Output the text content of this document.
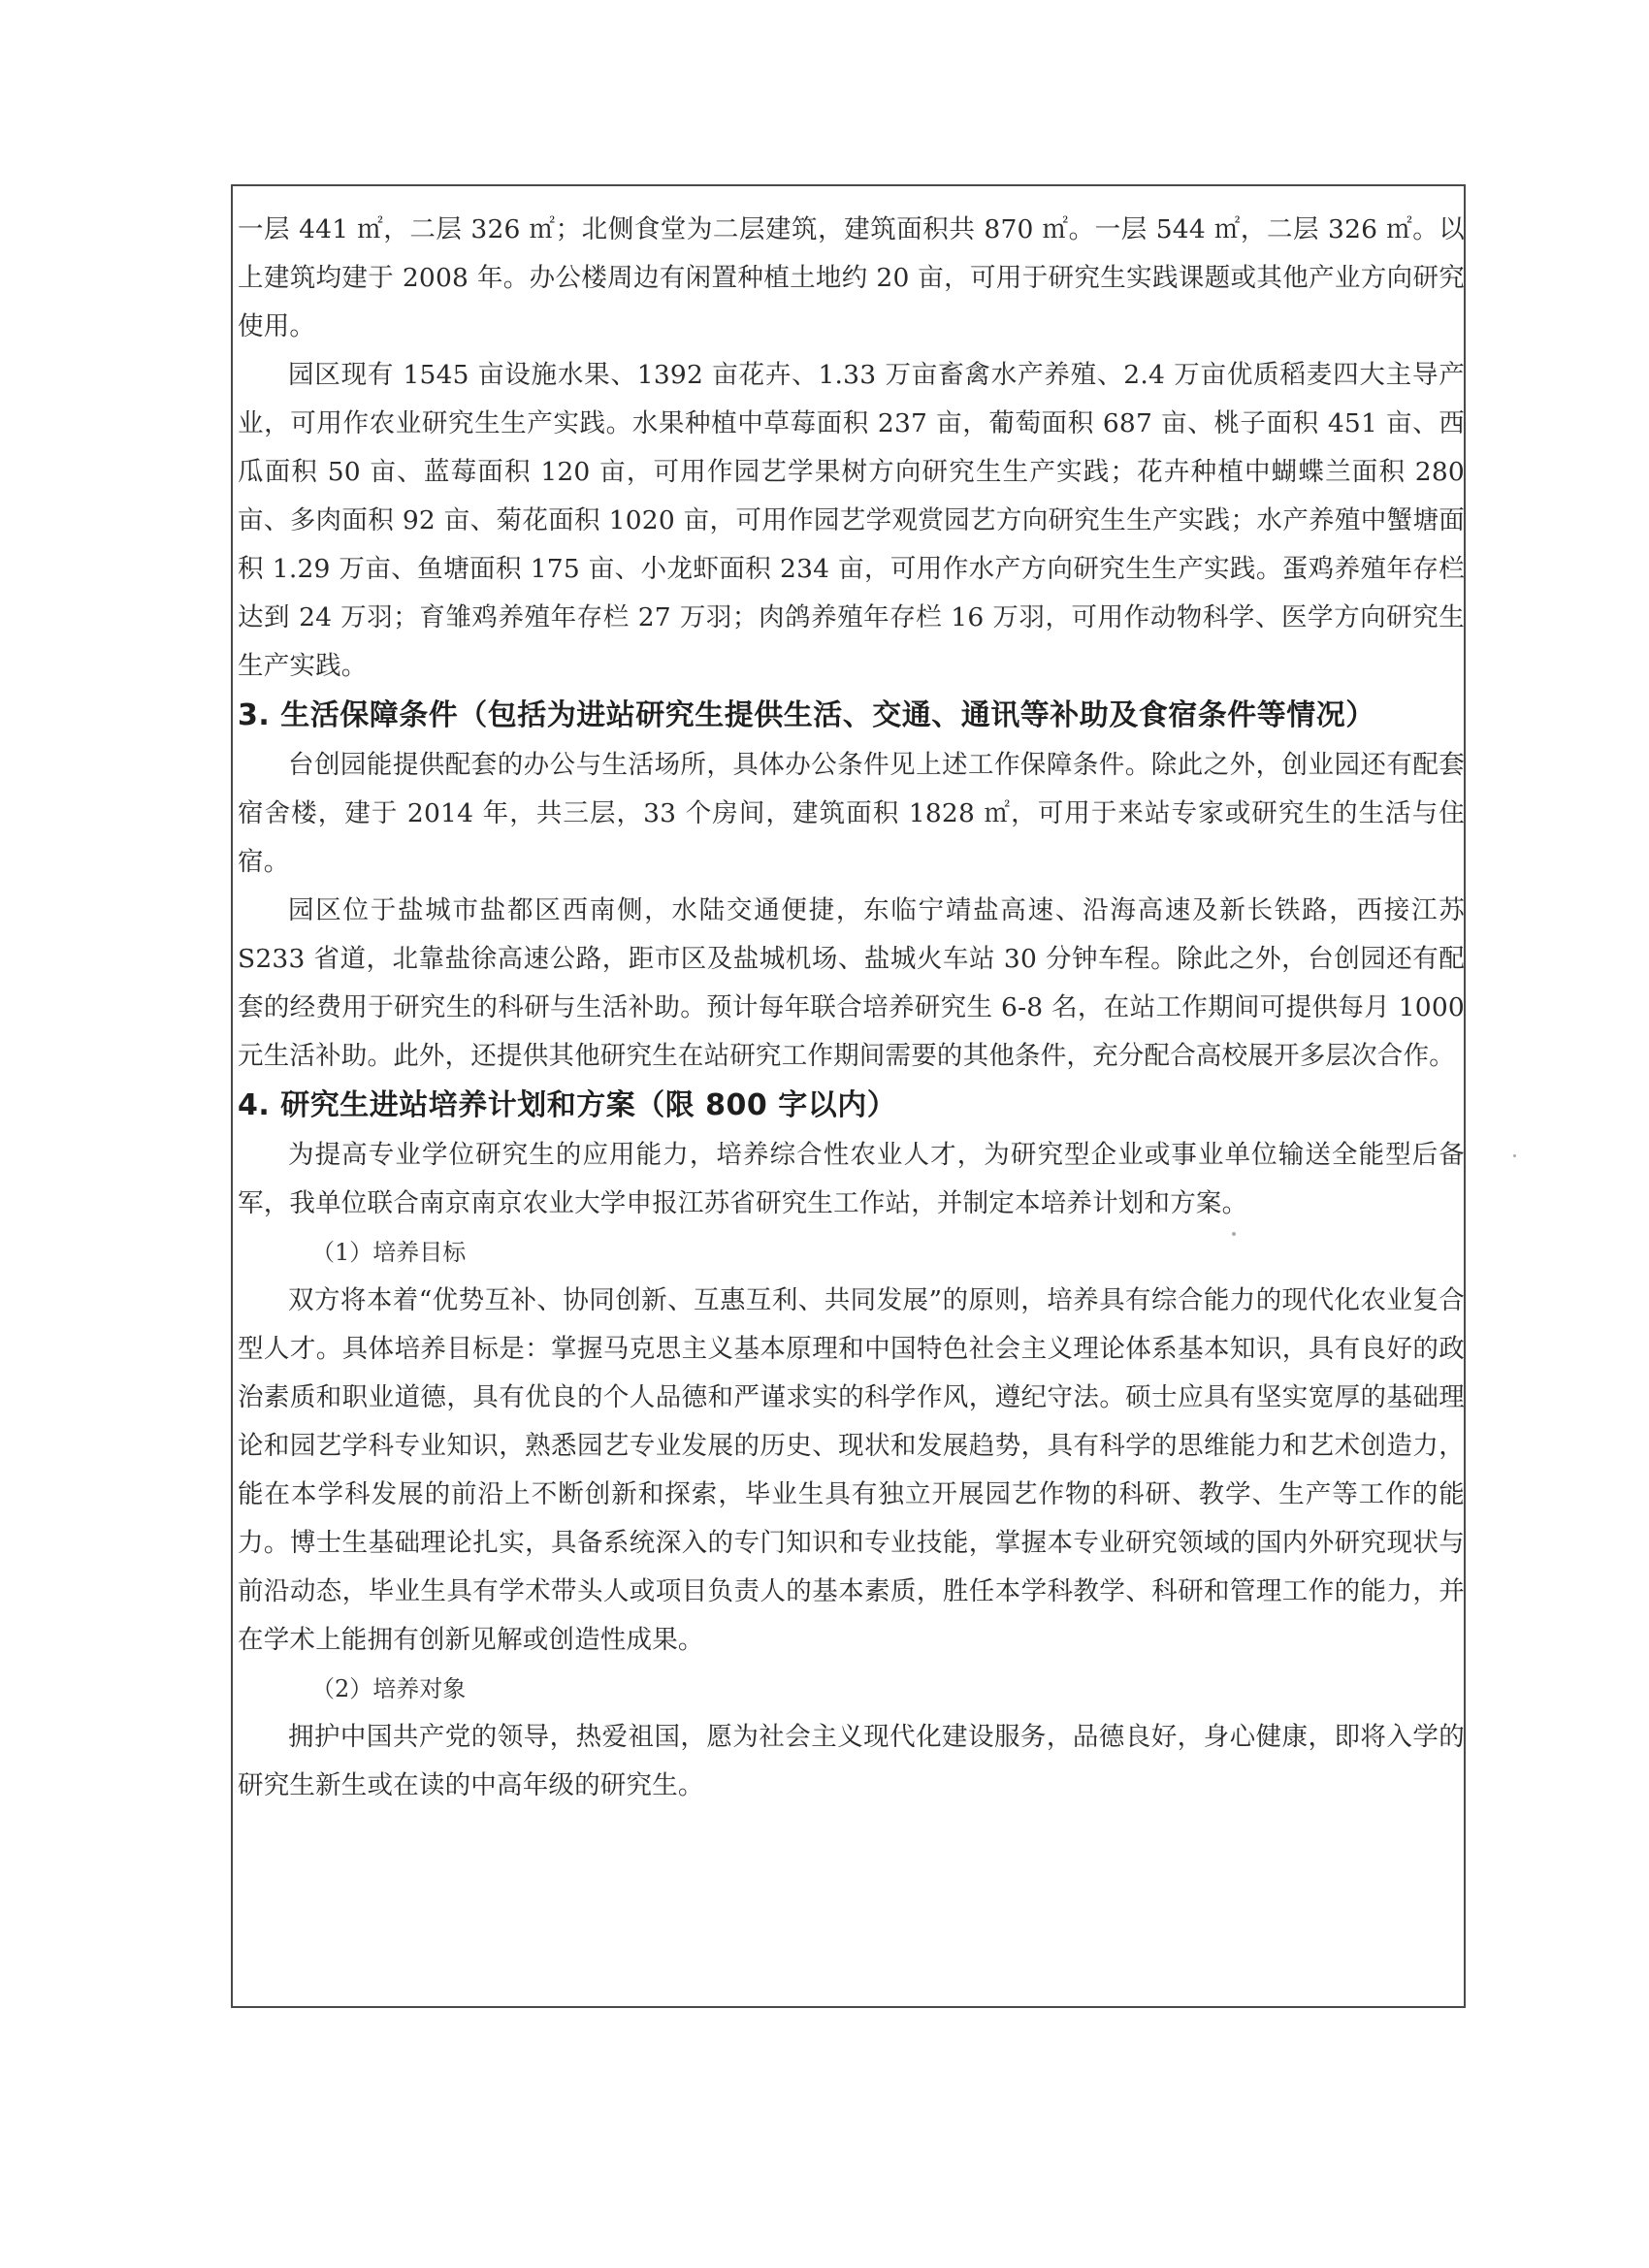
一层 441 ㎡，二层 326 ㎡；北侧食堂为二层建筑，建筑面积共 870 ㎡。一层 544 ㎡，二层 326 ㎡。以上建筑均建于 2008 年。办公楼周边有闲置种植土地约 20 亩，可用于研究生实践课题或其他产业方向研究使用。

园区现有 1545 亩设施水果、1392 亩花卉、1.33 万亩畜禽水产养殖、2.4 万亩优质稻麦四大主导产业，可用作农业研究生生产实践。水果种植中草莓面积 237 亩，葡萄面积 687 亩、桃子面积 451 亩、西瓜面积 50 亩、蓝莓面积 120 亩，可用作园艺学果树方向研究生生产实践；花卉种植中蝴蝶兰面积 280 亩、多肉面积 92 亩、菊花面积 1020 亩，可用作园艺学观赏园艺方向研究生生产实践；水产养殖中蟹塘面积 1.29 万亩、鱼塘面积 175 亩、小龙虾面积 234 亩，可用作水产方向研究生生产实践。蛋鸡养殖年存栏达到 24 万羽；育雏鸡养殖年存栏 27 万羽；肉鸽养殖年存栏 16 万羽，可用作动物科学、医学方向研究生生产实践。

3. 生活保障条件（包括为进站研究生提供生活、交通、通讯等补助及食宿条件等情况）

台创园能提供配套的办公与生活场所，具体办公条件见上述工作保障条件。除此之外，创业园还有配套宿舍楼，建于 2014 年，共三层，33 个房间，建筑面积 1828 ㎡，可用于来站专家或研究生的生活与住宿。

园区位于盐城市盐都区西南侧，水陆交通便捷，东临宁靖盐高速、沿海高速及新长铁路，西接江苏 S233 省道，北靠盐徐高速公路，距市区及盐城机场、盐城火车站 30 分钟车程。除此之外，台创园还有配套的经费用于研究生的科研与生活补助。预计每年联合培养研究生 6-8 名，在站工作期间可提供每月 1000 元生活补助。此外，还提供其他研究生在站研究工作期间需要的其他条件，充分配合高校展开多层次合作。

4. 研究生进站培养计划和方案（限 800 字以内）

为提高专业学位研究生的应用能力，培养综合性农业人才，为研究型企业或事业单位输送全能型后备军，我单位联合南京南京农业大学申报江苏省研究生工作站，并制定本培养计划和方案。

（1）培养目标

双方将本着“优势互补、协同创新、互惠互利、共同发展”的原则，培养具有综合能力的现代化农业复合型人才。具体培养目标是：掌握马克思主义基本原理和中国特色社会主义理论体系基本知识，具有良好的政治素质和职业道德，具有优良的个人品德和严谨求实的科学作风，遵纪守法。硕士应具有坚实宽厚的基础理论和园艺学科专业知识，熟悉园艺专业发展的历史、现状和发展趋势，具有科学的思维能力和艺术创造力，能在本学科发展的前沿上不断创新和探索，毕业生具有独立开展园艺作物的科研、教学、生产等工作的能力。博士生基础理论扎实，具备系统深入的专门知识和专业技能，掌握本专业研究领域的国内外研究现状与前沿动态，毕业生具有学术带头人或项目负责人的基本素质，胜任本学科教学、科研和管理工作的能力，并在学术上能拥有创新见解或创造性成果。

（2）培养对象

拥护中国共产党的领导，热爱祖国，愿为社会主义现代化建设服务，品德良好，身心健康，即将入学的研究生新生或在读的中高年级的研究生。
